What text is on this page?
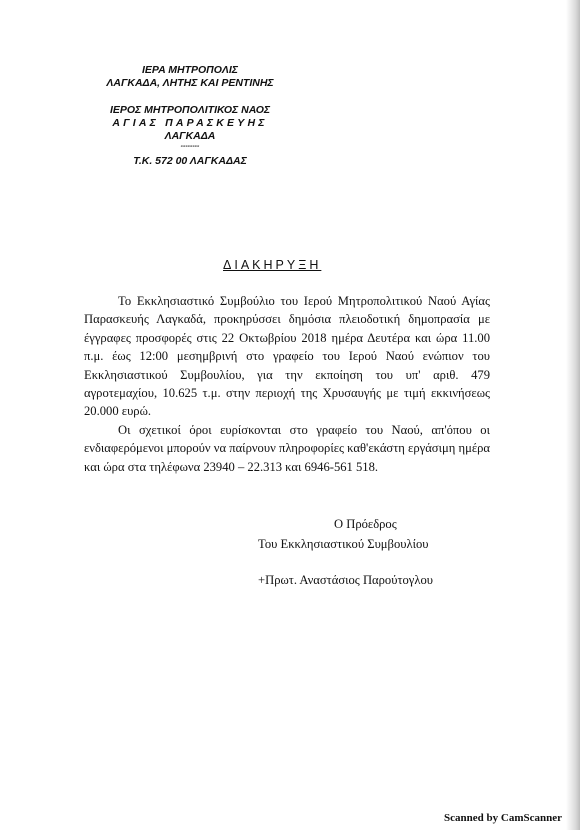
ΙΕΡΑ ΜΗΤΡΟΠΟΛΙΣ
ΛΑΓΚΑΔΑ, ΛΗΤΗΣ ΚΑΙ ΡΕΝΤΙΝΗΣ
ΙΕΡΟΣ ΜΗΤΡΟΠΟΛΙΤΙΚΟΣ ΝΑΟΣ
ΑΓΙΑΣ ΠΑΡΑΣΚΕΥΗΣ
ΛΑΓΚΑΔΑ
--------
Τ.Κ. 572 00 ΛΑΓΚΑΔΑΣ
ΔΙΑΚΗΡΥΞΗ

Το Εκκλησιαστικό Συμβούλιο του Ιερού Μητροπολιτικού Ναού Αγίας Παρασκευής Λαγκαδά, προκηρύσσει δημόσια πλειοδοτική δημοπρασία με έγγραφες προσφορές στις 22 Οκτωβρίου 2018 ημέρα Δευτέρα και ώρα 11.00 π.μ. έως 12:00 μεσημβρινή στο γραφείο του Ιερού Ναού ενώπιον του Εκκλησιαστικού Συμβουλίου, για την εκποίηση του υπ' αριθ. 479 αγροτεμαχίου, 10.625 τ.μ. στην περιοχή της Χρυσαυγής με τιμή εκκινήσεως 20.000 ευρώ.

Οι σχετικοί όροι ευρίσκονται στο γραφείο του Ναού, απ'όπου οι ενδιαφερόμενοι μπορούν να παίρνουν πληροφορίες καθ'εκάστη εργάσιμη ημέρα και ώρα στα τηλέφωνα 23940 – 22.313 και 6946-561 518.

Ο Πρόεδρος
Του Εκκλησιαστικού Συμβουλίου
+Πρωτ. Αναστάσιος Παρούτογλου
Scanned by CamScanner
